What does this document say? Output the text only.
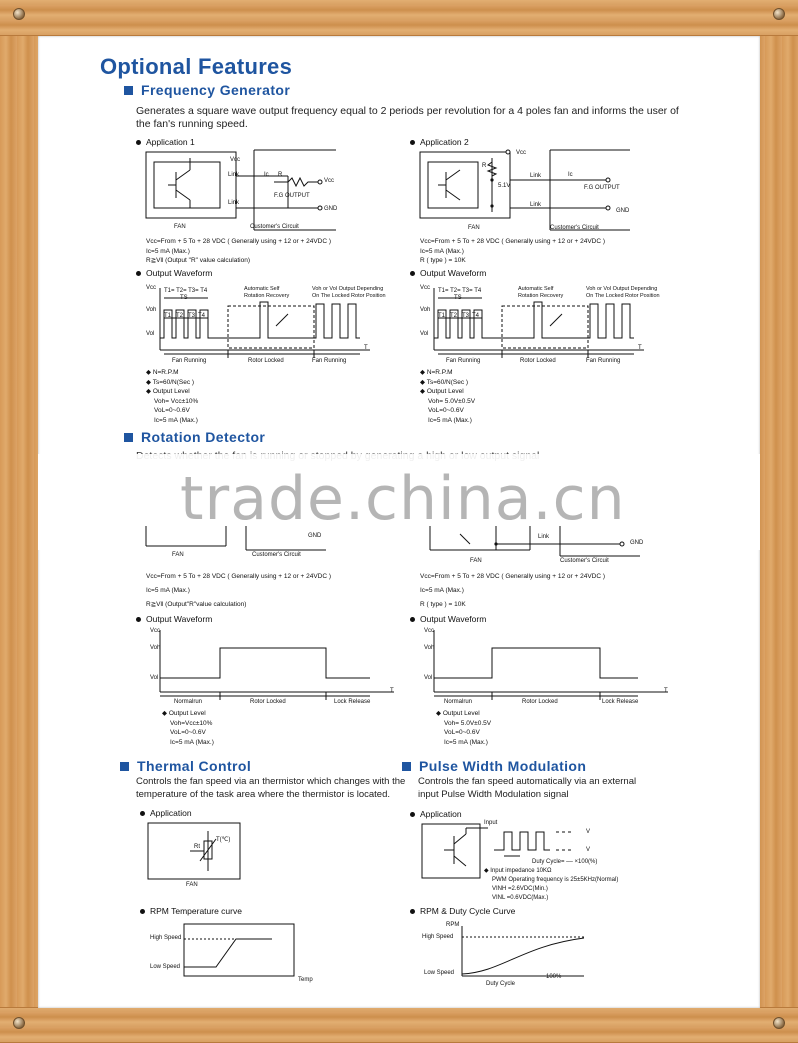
Optional Features
Frequency Generator
Generates a square wave output frequency equal to 2 periods per revolution for a 4 poles fan and informs the user of the fan's running speed.
Application 1	Application 2
Vcc
Link	Ic R
Vcc
F.G OUTPUT
Link
GND
FAN	Customer's Circuit
Vcc=From + 5 To + 28 VDC ( Generally using + 12 or + 24VDC )
Ic=5 mA (Max.)
R≧Vll (Output "R" value calculation)
Vcc
R
5.1V
Link	Ic
F.G OUTPUT
Link
GND
FAN	Customer's Circuit
Vcc=From + 5 To + 28 VDC ( Generally using + 12 or + 24VDC )
Ic=5 mA (Max.)
R ( type ) = 10K
Output Waveform	Output Waveform
Vcc
Voh
Vol
T1= T2= T3= T4
TS
T1 T2 T3 T4
Automatic Self
Rotation Recovery
Voh or Vol Output Depending
On The Locked Rotor Position
T
Fan Running	Rotor Locked	Fan Running
◆ N=R.P.M
◆ Ts=60/N(Sec )
◆ Output Level
Voh= Vcc±10%
VoL=0~0.6V
Ic=5 mA (Max.)
Vcc
Voh
Vol
T1= T2= T3= T4
TS
T1 T2 T3 T4
Automatic Self
Rotation Recovery
Voh or Vol Output Depending
On The Locked Rotor Position
T
Fan Running	Rotor Locked	Fan Running
◆ N=R.P.M
◆ Ts=60/N(Sec )
◆ Output Level
Voh= 5.0V±0.5V
VoL=0~0.6V
Ic=5 mA (Max.)
Rotation Detector
trade.china.cn
GND
FAN	Customer's Circuit
Link
GND
FAN	Customer's Circuit
Vcc=From + 5 To + 28 VDC ( Generally using + 12 or + 24VDC )
Ic=5 mA (Max.)
R≧Vll (Output"R"value calculation)
Vcc=From + 5 To + 28 VDC ( Generally using + 12 or + 24VDC )
Ic=5 mA (Max.)
R ( type ) = 10K
Output Waveform	Output Waveform
Vcc
Voh
Vol
T
Normalrun	Rotor Locked	Lock Release
◆ Output Level
Voh=Vcc±10%
VoL=0~0.6V
Ic=5 mA (Max.)
Vcc
Voh
Vol
T
Normalrun	Rotor Locked	Lock Release
◆ Output Level
Voh= 5.0V±0.5V
VoL=0~0.6V
Ic=5 mA (Max.)
Thermal Control
Controls the fan speed via an thermistor which changes with the temperature of the task area where the thermistor is located.
Application
Rt
T(℃)
FAN
RPM Temperature curve
High Speed
Low Speed
Temp
Pulse Width Modulation
Controls the fan speed automatically via an external input Pulse Width Modulation signal
Application
Input
V
V
Duty Cycle= –– ×100(%)
◆ Input impedance 10KΩ
PWM Operating frequency is 25±5KHz(Normal)
VINH =2.6VDC(Min.)
VINL =0.6VDC(Max.)
RPM & Duty Cycle Curve
RPM
High Speed
Low Speed
100%
Duty Cycle
